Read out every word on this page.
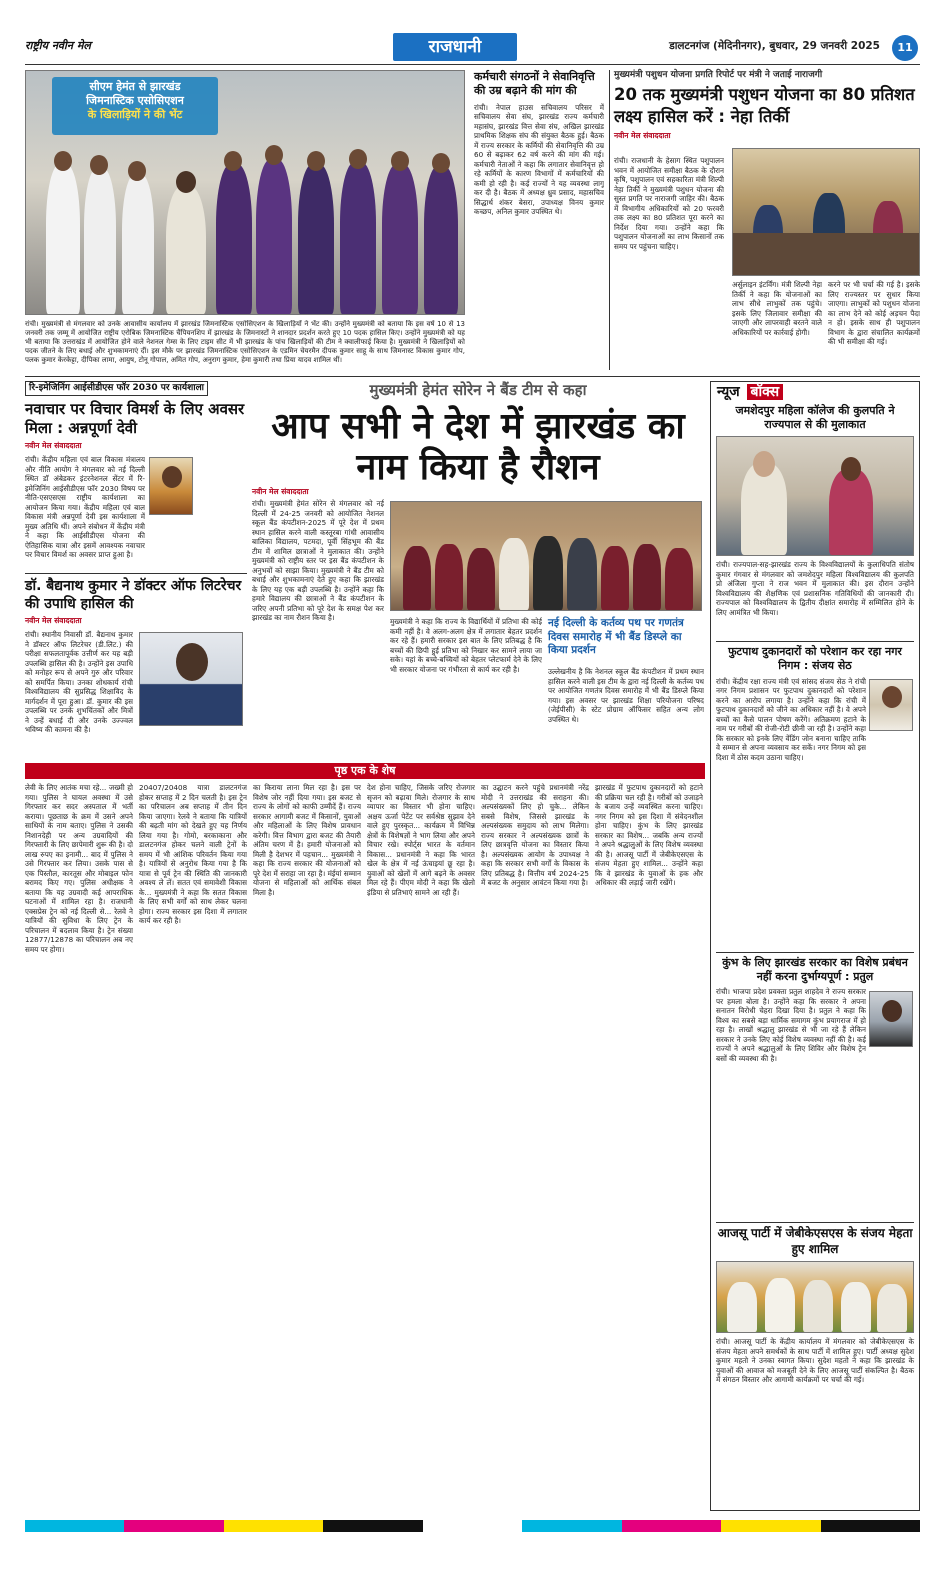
राष्ट्रीय नवीन मेल	राजधानी	डालटनगंज (मेदिनीनगर), बुधवार, 29 जनवरी 2025	11
सीएम हेमंत से झारखंड
जिमनास्टिक एसोसिएशन
के खिलाड़ियों ने की भेंट
रांची। मुख्यमंत्री से मंगलवार को उनके आवासीय कार्यालय में झारखंड जिमनास्टिक एसोसिएशन के खिलाड़ियों ने भेंट की। उन्होंने मुख्यमंत्री को बताया कि इस वर्ष 10 से 13 जनवरी तक जम्मू में आयोजित राष्ट्रीय एरोबिक जिमनास्टिक चैंपियनशिप में झारखंड के जिमनास्टों ने शानदार प्रदर्शन करते हुए 10 पदक हासिल किए। उन्होंने मुख्यमंत्री को यह भी बताया कि उत्तराखंड में आयोजित होने वाले नेशनल गेम्स के लिए टाइम सीट में भी झारखंड के पांच खिलाड़ियों की टीम ने क्वालीफाई किया है। मुख्यमंत्री ने खिलाड़ियों को पदक जीतने के लिए बधाई और शुभकामनाएं दीं। इस मौके पर झारखंड जिमनास्टिक एसोसिएशन के एडमिन चेयरमैन दीपक कुमार साहू के साथ जिमनास्ट विकास कुमार गोप, पलक कुमार केरकेट्टा, दीपिका लामा, आयुष, टोनू गोपाल, अमित गोप, अनुराग कुमार, हेमा कुमारी तथा प्रिया यादव शामिल थीं।
कर्मचारी संगठनों ने सेवानिवृत्ति की उम्र बढ़ाने की मांग की
रांची। नेपाल हाउस सचिवालय परिसर में सचिवालय सेवा संघ, झारखंड राज्य कर्मचारी महासंघ, झारखंड वित्त सेवा संघ, अखिल झारखंड प्राथमिक शिक्षक संघ की संयुक्त बैठक हुई। बैठक में राज्य सरकार के कर्मियों की सेवानिवृत्ति की उम्र 60 से बढ़ाकर 62 वर्ष करने की मांग की गई। कर्मचारी नेताओं ने कहा कि लगातार सेवानिवृत्त हो रहे कर्मियों के कारण विभागों में कर्मचारियों की कमी हो रही है। कई राज्यों ने यह व्यवस्था लागू कर दी है। बैठक में अध्यक्ष ध्रुव प्रसाद, महासचिव सिद्धार्थ शंकर बेसरा, उपाध्यक्ष विनय कुमार कच्छप, अनिल कुमार उपस्थित थे।
मुख्यमंत्री पशुधन योजना प्रगति रिपोर्ट पर मंत्री ने जताई नाराजगी
20 तक मुख्यमंत्री पशुधन योजना का 80 प्रतिशत लक्ष्य हासिल करें : नेहा तिर्की
नवीन मेल संवाददाता
रांची। राजधानी के हेसाग स्थित पशुपालन भवन में आयोजित समीक्षा बैठक के दौरान कृषि, पशुपालन एवं सहकारिता मंत्री शिल्पी नेहा तिर्की ने मुख्यमंत्री पशुधन योजना की सुस्त प्रगति पर नाराजगी जाहिर की। बैठक में विभागीय अधिकारियों को 20 फरवरी तक लक्ष्य का 80 प्रतिशत पूरा करने का निर्देश दिया गया। उन्होंने कहा कि पशुपालन योजनाओं का लाभ किसानों तक समय पर पहुंचना चाहिए।
अर्सुलाइन इंटर्विंग। मंत्री शिल्पी नेहा तिर्की ने कहा कि योजनाओं का लाभ सीधे लाभुकों तक पहुंचे। इसके लिए जिलावार समीक्षा की जाएगी और लापरवाही बरतने वाले अधिकारियों पर कार्रवाई होगी।
करने पर भी चर्चा की गई है। इसके लिए राज्यस्तर पर सुधार किया जाएगा। लाभुकों को पशुधन योजना का लाभ देने को कोई अड़चन पैदा न हो। इसके साथ ही पशुपालन विभाग के द्वारा संचालित कार्यक्रमों की भी समीक्षा की गई।
रि-इमेजिनिंग आईसीडीएस फॉर 2030 पर कार्यशाला
नवाचार पर विचार विमर्श के लिए अवसर मिला : अन्नपूर्णा देवी
नवीन मेल संवाददाता
रांची। केंद्रीय महिला एवं बाल विकास मंत्रालय और नीति आयोग ने मंगलवार को नई दिल्ली स्थित डॉ अंबेडकर इंटरनेशनल सेंटर में रि-इमेजिनिंग आईसीडीएस फॉर 2030 विषय पर नीति-एसएसएस राष्ट्रीय कार्यशाला का आयोजन किया गया। केंद्रीय महिला एवं बाल विकास मंत्री अन्नपूर्णा देवी इस कार्यशाला में मुख्य अतिथि थीं। अपने संबोधन में केंद्रीय मंत्री ने कहा कि आईसीडीएस योजना की ऐतिहासिक यात्रा और इसमें आवश्यक नवाचार पर विचार विमर्श का अवसर प्राप्त हुआ है।
डॉ. बैद्यनाथ कुमार ने डॉक्टर ऑफ लिटरेचर की उपाधि हासिल की
नवीन मेल संवाददाता
रांची। स्थानीय निवासी डॉ. बैद्यनाथ कुमार ने डॉक्टर ऑफ लिटरेचर (डी.लिट.) की परीक्षा सफलतापूर्वक उत्तीर्ण कर यह बड़ी उपलब्धि हासिल की है। उन्होंने इस उपाधि को मनोहर रूप से अपने गुरु और परिवार को समर्पित किया। उनका शोधकार्य रांची विश्वविद्यालय की सुप्रसिद्ध शिक्षाविद के मार्गदर्शन में पूरा हुआ। डॉ. कुमार की इस उपलब्धि पर उनके शुभचिंतकों और मित्रों ने उन्हें बधाई दी और उनके उज्ज्वल भविष्य की कामना की है।
मुख्यमंत्री हेमंत सोरेन ने बैंड टीम से कहा
आप सभी ने देश में झारखंड का नाम किया है रौशन
नवीन मेल संवाददाता
रांची। मुख्यमंत्री हेमंत सोरेन से मंगलवार को नई दिल्ली में 24-25 जनवरी को आयोजित नेशनल स्कूल बैंड कंपटीशन-2025 में पूरे देश में प्रथम स्थान हासिल करने वाली कस्तूरबा गांधी आवासीय बालिका विद्यालय, पटमदा, पूर्वी सिंहभूम की बैंड टीम में शामिल छात्राओं ने मुलाकात की। उन्होंने मुख्यमंत्री को राष्ट्रीय स्तर पर इस बैंड कंपटीशन के अनुभवों को साझा किया। मुख्यमंत्री ने बैंड टीम को बधाई और शुभकामनाएं देते हुए कहा कि झारखंड के लिए यह एक बड़ी उपलब्धि है। उन्होंने कहा कि हमारे विद्यालय की छात्राओं ने बैंड कंपटीशन के जरिए अपनी प्रतिभा को पूरे देश के समक्ष पेश कर झारखंड का नाम रौशन किया है।	मुख्यमंत्री ने कहा कि राज्य के विद्यार्थियों में प्रतिभा की कोई कमी नहीं है। वे अलग-अलग क्षेत्र में लगातार बेहतर प्रदर्शन कर रहे हैं। हमारी सरकार इस बात के लिए प्रतिबद्ध है कि बच्चों की छिपी हुई प्रतिभा को निखार कर सामने लाया जा सके। यहां के बच्चे-बच्चियों को बेहतर प्लेटफार्म देने के लिए भी सरकार योजना पर गंभीरता से कार्य कर रही है।
नई दिल्ली के कर्तव्य पथ पर गणतंत्र दिवस समारोह में भी बैंड डिस्प्ले का किया प्रदर्शन
उल्लेखनीय है कि नेशनल स्कूल बैंड कंपटीशन में प्रथम स्थान हासिल करने वाली इस टीम के द्वारा नई दिल्ली के कर्तव्य पथ पर आयोजित गणतंत्र दिवस समारोह में भी बैंड डिस्प्ले किया गया। इस अवसर पर झारखंड शिक्षा परियोजना परिषद (जेईपीसी) के स्टेट प्रोग्राम ऑफिसर सहित अन्य लोग उपस्थित थे।
न्यूज बॉक्स
जमशेदपुर महिला कॉलेज की कुलपति ने राज्यपाल से की मुलाकात
रांची। राज्यपाल-सह-झारखंड राज्य के विश्वविद्यालयों के कुलाधिपति संतोष कुमार गंगवार से मंगलवार को जमशेदपुर महिला विश्वविद्यालय की कुलपति प्रो अंजिला गुप्ता ने राज भवन में मुलाकात की। इस दौरान उन्होंने विश्वविद्यालय की शैक्षणिक एवं प्रशासनिक गतिविधियों की जानकारी दी। राज्यपाल को विश्वविद्यालय के द्वितीय दीक्षांत समारोह में सम्मिलित होने के लिए आमंत्रित भी किया।
फुटपाथ दुकानदारों को परेशान कर रहा नगर निगम : संजय सेठ
रांची। केंद्रीय रक्षा राज्य मंत्री एवं सांसद संजय सेठ ने रांची नगर निगम प्रशासन पर फुटपाथ दुकानदारों को परेशान करने का आरोप लगाया है। उन्होंने कहा कि रांची में फुटपाथ दुकानदारों को जीने का अधिकार नहीं है। वे अपने बच्चों का कैसे पालन पोषण करेंगे। अतिक्रमण हटाने के नाम पर गरीबों की रोजी-रोटी छीनी जा रही है। उन्होंने कहा कि सरकार को इनके लिए वेंडिंग जोन बनाना चाहिए ताकि वे सम्मान से अपना व्यवसाय कर सकें। नगर निगम को इस दिशा में ठोस कदम उठाना चाहिए।
कुंभ के लिए झारखंड सरकार का विशेष प्रबंधन नहीं करना दुर्भाग्यपूर्ण : प्रतुल
रांची। भाजपा प्रदेश प्रवक्ता प्रतुल शाहदेव ने राज्य सरकार पर हमला बोला है। उन्होंने कहा कि सरकार ने अपना सनातन विरोधी चेहरा दिखा दिया है। प्रतुल ने कहा कि विश्व का सबसे बड़ा धार्मिक समागम कुंभ प्रयागराज में हो रहा है। लाखों श्रद्धालु झारखंड से भी जा रहे हैं लेकिन सरकार ने उनके लिए कोई विशेष व्यवस्था नहीं की है। कई राज्यों ने अपने श्रद्धालुओं के लिए शिविर और विशेष ट्रेन बसों की व्यवस्था की है।
आजसू पार्टी में जेबीकेएसएस के संजय मेहता हुए शामिल
रांची। आजसू पार्टी के केंद्रीय कार्यालय में मंगलवार को जेबीकेएसएस के संजय मेहता अपने समर्थकों के साथ पार्टी में शामिल हुए। पार्टी अध्यक्ष सुदेश कुमार महतो ने उनका स्वागत किया। सुदेश महतो ने कहा कि झारखंड के युवाओं की आवाज को मजबूती देने के लिए आजसू पार्टी संकल्पित है। बैठक में संगठन विस्तार और आगामी कार्यक्रमों पर चर्चा की गई।
पृष्ठ एक के शेष
लेवी के लिए आतंक मचा रहे... जख्मी हो गया। पुलिस ने घायल अवस्था में उसे गिरफ्तार कर सदर अस्पताल में भर्ती कराया। पूछताछ के क्रम में उसने अपने साथियों के नाम बताए। पुलिस ने उसकी निशानदेही पर अन्य उग्रवादियों की गिरफ्तारी के लिए छापेमारी शुरू की है। दो लाख रुपए का इनामी... बाद में पुलिस ने उसे गिरफ्तार कर लिया। उसके पास से एक पिस्तौल, कारतूस और मोबाइल फोन बरामद किए गए। पुलिस अधीक्षक ने बताया कि यह उग्रवादी कई आपराधिक घटनाओं में शामिल रहा है। राजधानी एक्सप्रेस ट्रेन को नई दिल्ली से... रेलवे ने यात्रियों की सुविधा के लिए ट्रेन के परिचालन में बदलाव किया है। ट्रेन संख्या 12877/12878 का परिचालन अब नए समय पर होगा।
20407/20408 यात्रा डालटनगंज होकर सप्ताह में 2 दिन चलती है। इस ट्रेन का परिचालन अब सप्ताह में तीन दिन किया जाएगा। रेलवे ने बताया कि यात्रियों की बढ़ती मांग को देखते हुए यह निर्णय लिया गया है। गोमो, बरकाकाना और डालटनगंज होकर चलने वाली ट्रेनों के समय में भी आंशिक परिवर्तन किया गया है। यात्रियों से अनुरोध किया गया है कि यात्रा से पूर्व ट्रेन की स्थिति की जानकारी अवश्य ले लें। सतत एवं समावेशी विकास के... मुख्यमंत्री ने कहा कि सतत विकास के लिए सभी वर्गों को साथ लेकर चलना होगा। राज्य सरकार इस दिशा में लगातार कार्य कर रही है।
का किराया लाना मिल रहा है। इस पर विशेष जोर नहीं दिया गया। इस बजट से राज्य के लोगों को काफी उम्मीदें हैं। राज्य सरकार आगामी बजट में किसानों, युवाओं और महिलाओं के लिए विशेष प्रावधान करेगी। वित्त विभाग द्वारा बजट की तैयारी अंतिम चरण में है। हमारी योजनाओं को मिली है देशभर में पहचान... मुख्यमंत्री ने कहा कि राज्य सरकार की योजनाओं को पूरे देश में सराहा जा रहा है। मंईयां सम्मान योजना से महिलाओं को आर्थिक संबल मिला है।
देश होना चाहिए, जिसके जरिए रोजगार सृजन को बढ़ावा मिले। रोजगार के साथ व्यापार का विस्तार भी होना चाहिए। अक्षय ऊर्जा पेटेंट पर सर्वश्रेष्ठ सुझाव देने वाले हुए पुरस्कृत... कार्यक्रम में विभिन्न क्षेत्रों के विशेषज्ञों ने भाग लिया और अपने विचार रखे। स्पोर्ट्स भारत के वर्तमान विकास... प्रधानमंत्री ने कहा कि भारत खेल के क्षेत्र में नई ऊंचाइयां छू रहा है। युवाओं को खेलों में आगे बढ़ने के अवसर मिल रहे हैं। पीएम मोदी ने कहा कि खेलो इंडिया से प्रतिभाएं सामने आ रही हैं।
का उद्घाटन करने पहुंचे प्रधानमंत्री नरेंद्र मोदी ने उत्तराखंड की सराहना की। अल्पसंख्यकों लिए हो चुके... लेकिन सबसे विशेष, जिससे झारखंड के अल्पसंख्यक समुदाय को लाभ मिलेगा। राज्य सरकार ने अल्पसंख्यक छात्रों के लिए छात्रवृत्ति योजना का विस्तार किया है। अल्पसंख्यक आयोग के उपाध्यक्ष ने कहा कि सरकार सभी वर्गों के विकास के लिए प्रतिबद्ध है। वित्तीय वर्ष 2024-25 में बजट के अनुसार आवंटन किया गया है।
झारखंड में फुटपाथ दुकानदारों को हटाने की प्रक्रिया चल रही है। गरीबों को उजाड़ने के बजाय उन्हें व्यवस्थित करना चाहिए। नगर निगम को इस दिशा में संवेदनशील होना चाहिए। कुंभ के लिए झारखंड सरकार का विशेष... जबकि अन्य राज्यों ने अपने श्रद्धालुओं के लिए विशेष व्यवस्था की है। आजसू पार्टी में जेबीकेएसएस के संजय मेहता हुए शामिल... उन्होंने कहा कि वे झारखंड के युवाओं के हक और अधिकार की लड़ाई जारी रखेंगे।
